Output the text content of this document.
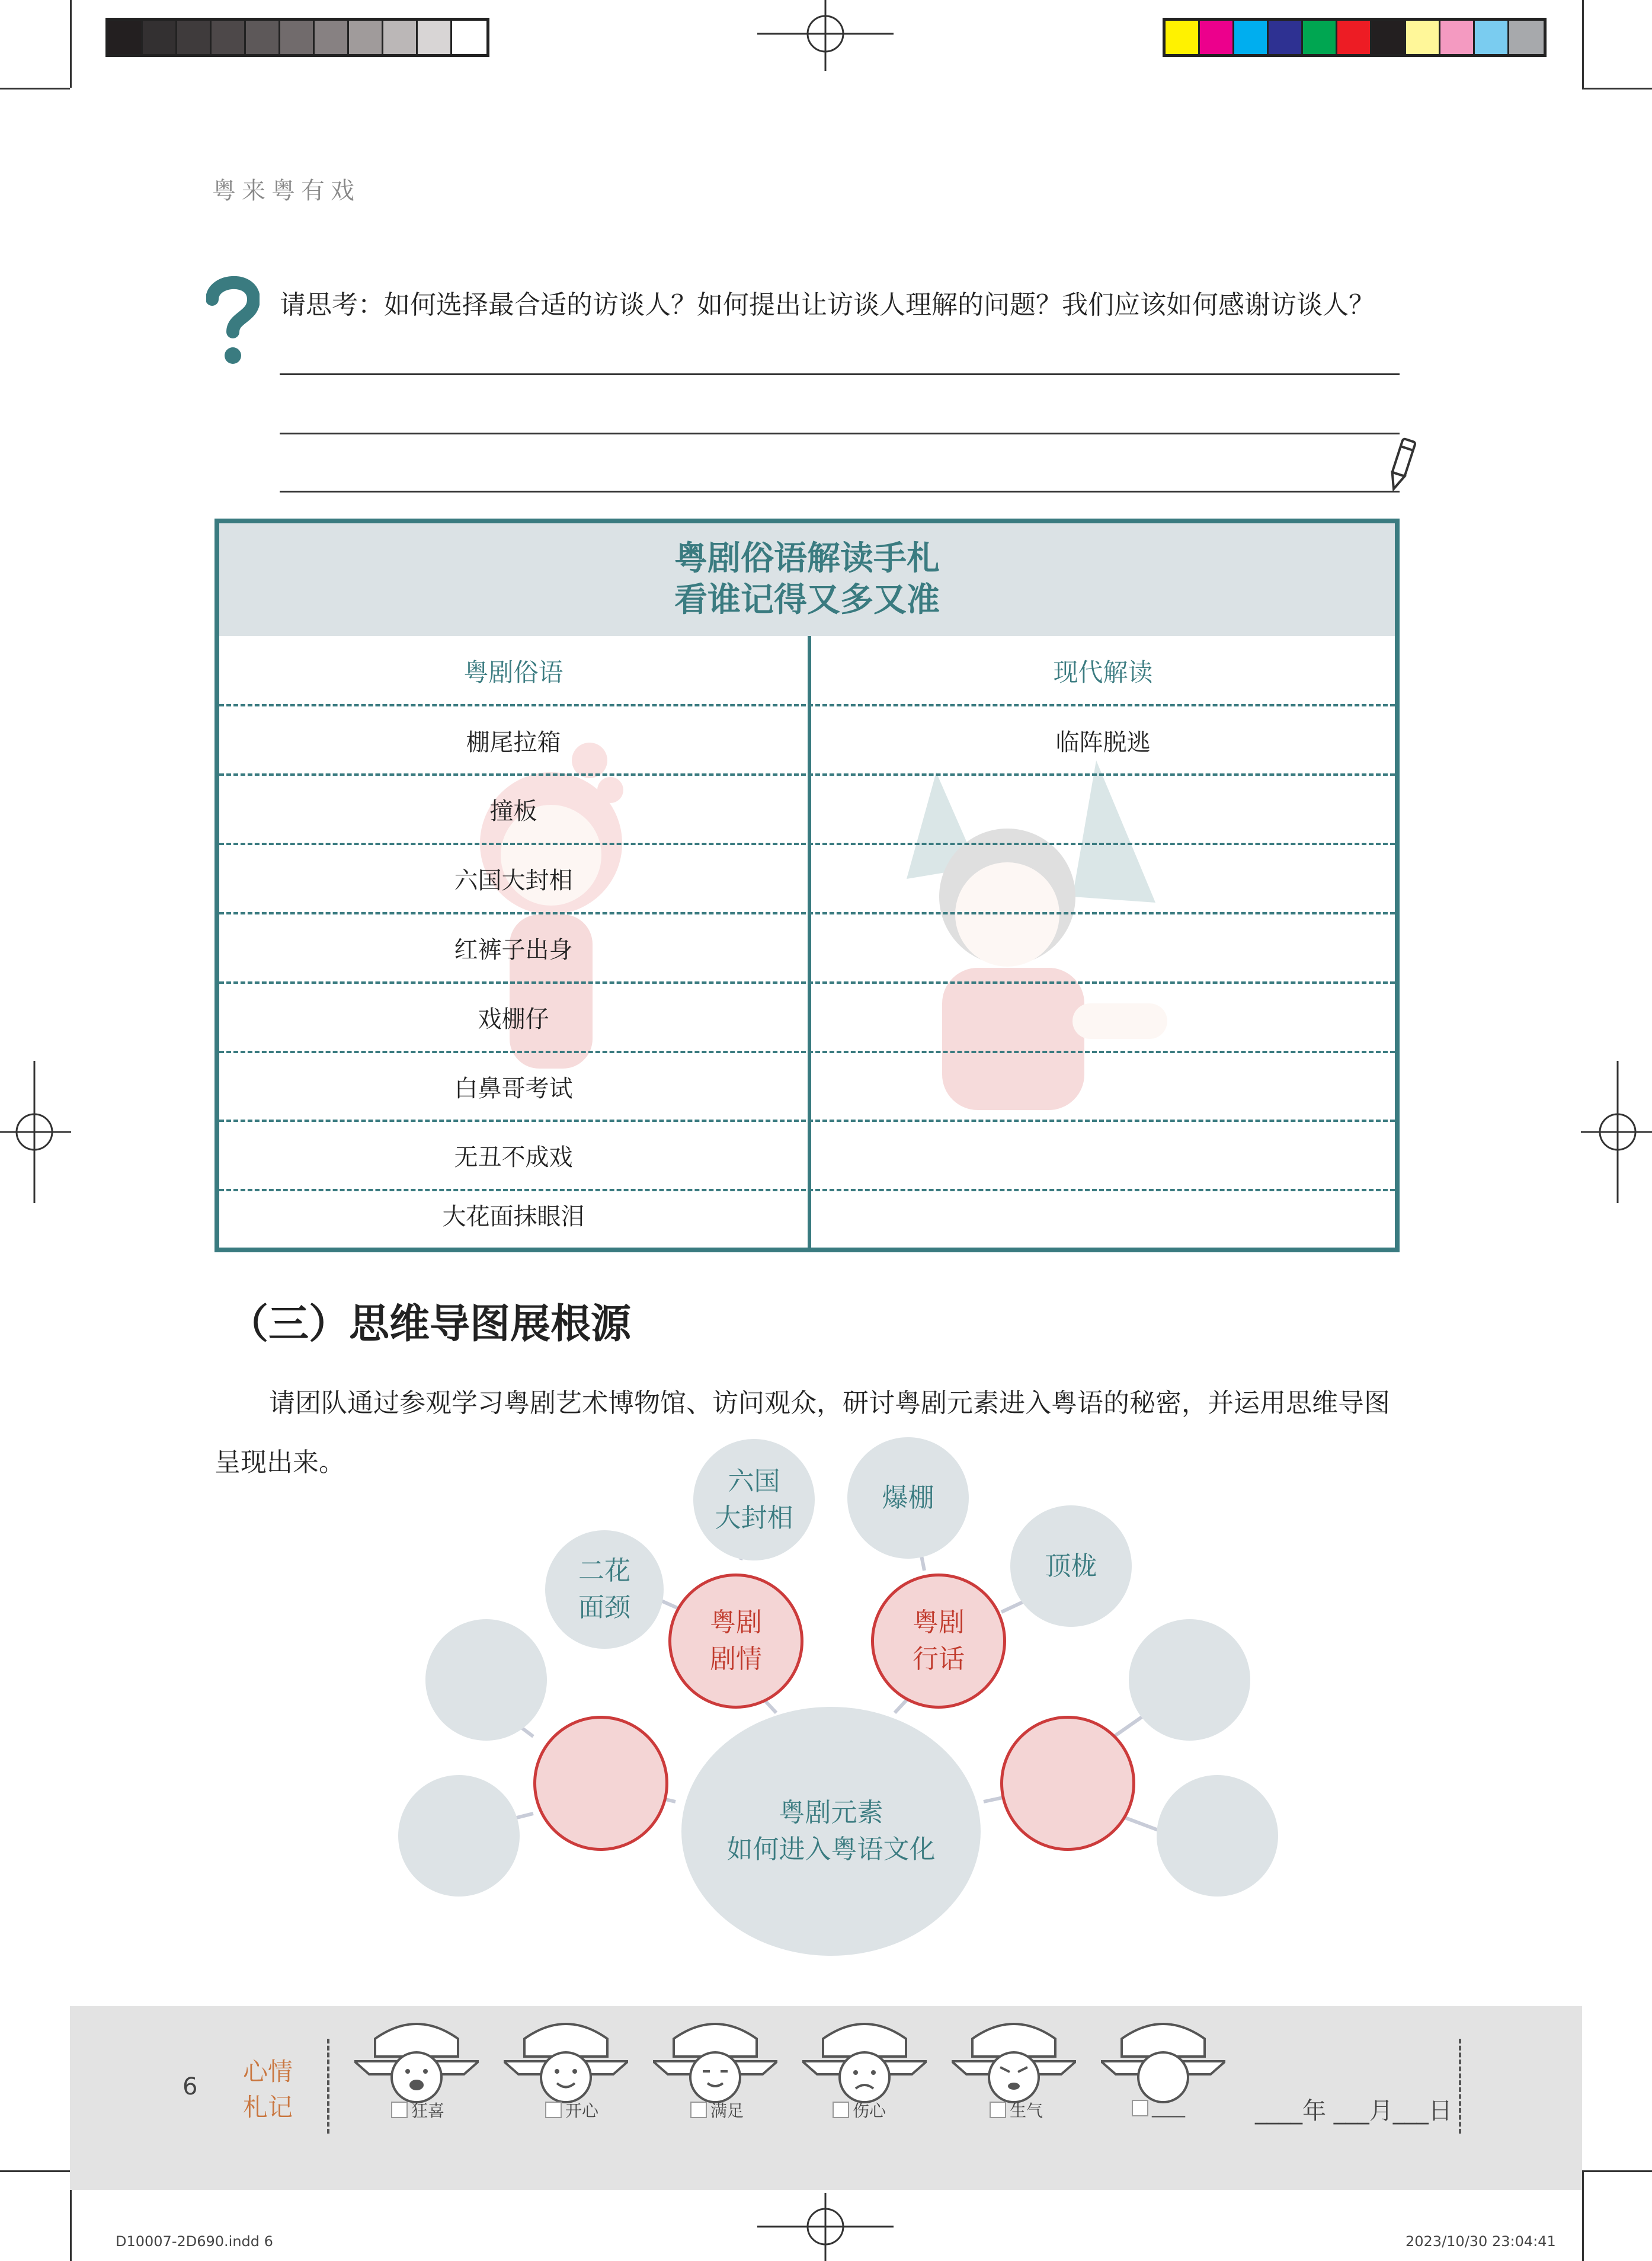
粤来粤有戏
请思考：如何选择最合适的访谈人？如何提出让访谈人理解的问题？我们应该如何感谢访谈人？
粤剧俗语解读手札
看谁记得又多又准
粤剧俗语	现代解读
棚尾拉箱	临阵脱逃
撞板
六国大封相
红裤子出身
戏棚仔
白鼻哥考试
无丑不成戏
大花面抹眼泪
（三）思维导图展根源
请团队通过参观学习粤剧艺术博物馆、访问观众，研讨粤剧元素进入粤语的秘密，并运用思维导图呈现出来。
粤剧元素
如何进入粤语文化
粤剧
剧情
粤剧
行话
二花
面颈
六国
大封相
爆棚
顶栊
6
心情
札记	狂喜	开心	满足	伤心	生气	____	____年 ___月___日
D10007-2D690.indd 6	2023/10/30 23:04:41
